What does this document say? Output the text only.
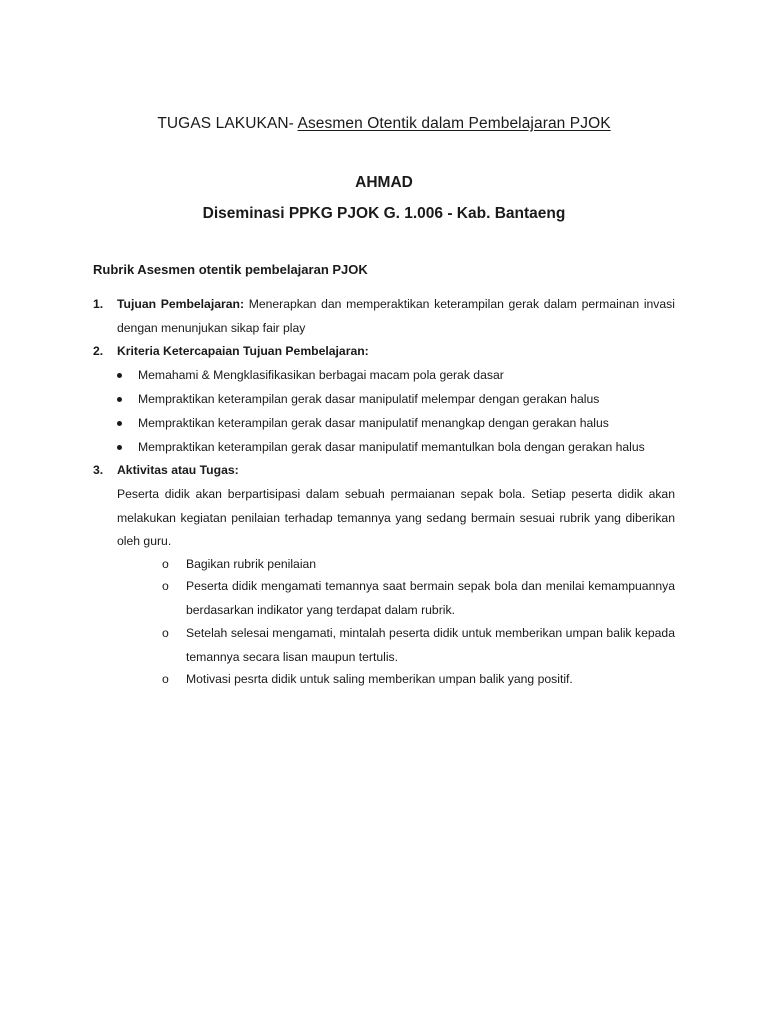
TUGAS LAKUKAN- Asesmen Otentik dalam Pembelajaran PJOK
AHMAD
Diseminasi PPKG PJOK G. 1.006 - Kab. Bantaeng
Rubrik Asesmen otentik pembelajaran PJOK
1. Tujuan Pembelajaran: Menerapkan dan memperaktikan keterampilan gerak dalam permainan invasi dengan menunjukan sikap fair play
2. Kriteria Ketercapaian Tujuan Pembelajaran:
Memahami & Mengklasifikasikan berbagai macam pola gerak dasar
Mempraktikan keterampilan gerak dasar manipulatif melempar dengan gerakan halus
Mempraktikan keterampilan gerak dasar manipulatif menangkap dengan gerakan halus
Mempraktikan keterampilan gerak dasar manipulatif memantulkan bola dengan gerakan halus
3. Aktivitas atau Tugas:
Peserta didik akan berpartisipasi dalam sebuah permaianan sepak bola. Setiap peserta didik akan melakukan kegiatan penilaian terhadap temannya yang sedang bermain sesuai rubrik yang diberikan oleh guru.
o Bagikan rubrik penilaian
o Peserta didik mengamati temannya saat bermain sepak bola dan menilai kemampuannya berdasarkan indikator yang terdapat dalam rubrik.
o Setelah selesai mengamati, mintalah peserta didik untuk memberikan umpan balik kepada temannya secara lisan maupun tertulis.
o Motivasi pesrta didik untuk saling memberikan umpan balik yang positif.
